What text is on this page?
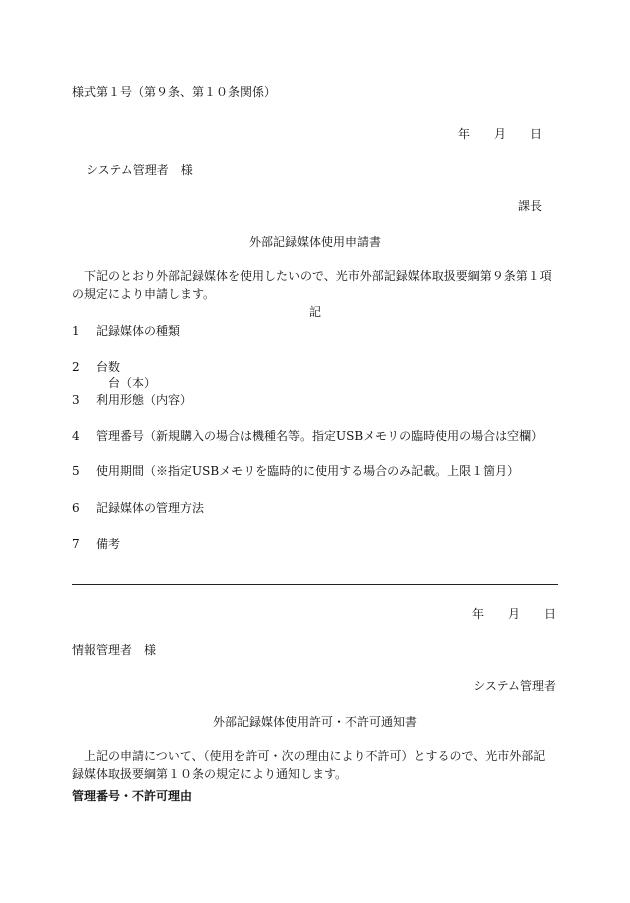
様式第１号（第９条、第１０条関係）
年　　月　　日
システム管理者　様
課長
外部記録媒体使用申請書
下記のとおり外部記録媒体を使用したいので、光市外部記録媒体取扱要綱第９条第１項の規定により申請します。
記
1 記録媒体の種類
2 台数
台（本）
3 利用形態（内容）
4 管理番号（新規購入の場合は機種名等。指定USBメモリの臨時使用の場合は空欄）
5 使用期間（※指定USBメモリを臨時的に使用する場合のみ記載。上限１箇月）
6 記録媒体の管理方法
7 備考
年　　月　　日
情報管理者　様
システム管理者
外部記録媒体使用許可・不許可通知書
上記の申請について、（使用を許可・次の理由により不許可）とするので、光市外部記録媒体取扱要綱第１０条の規定により通知します。
管理番号・不許可理由
